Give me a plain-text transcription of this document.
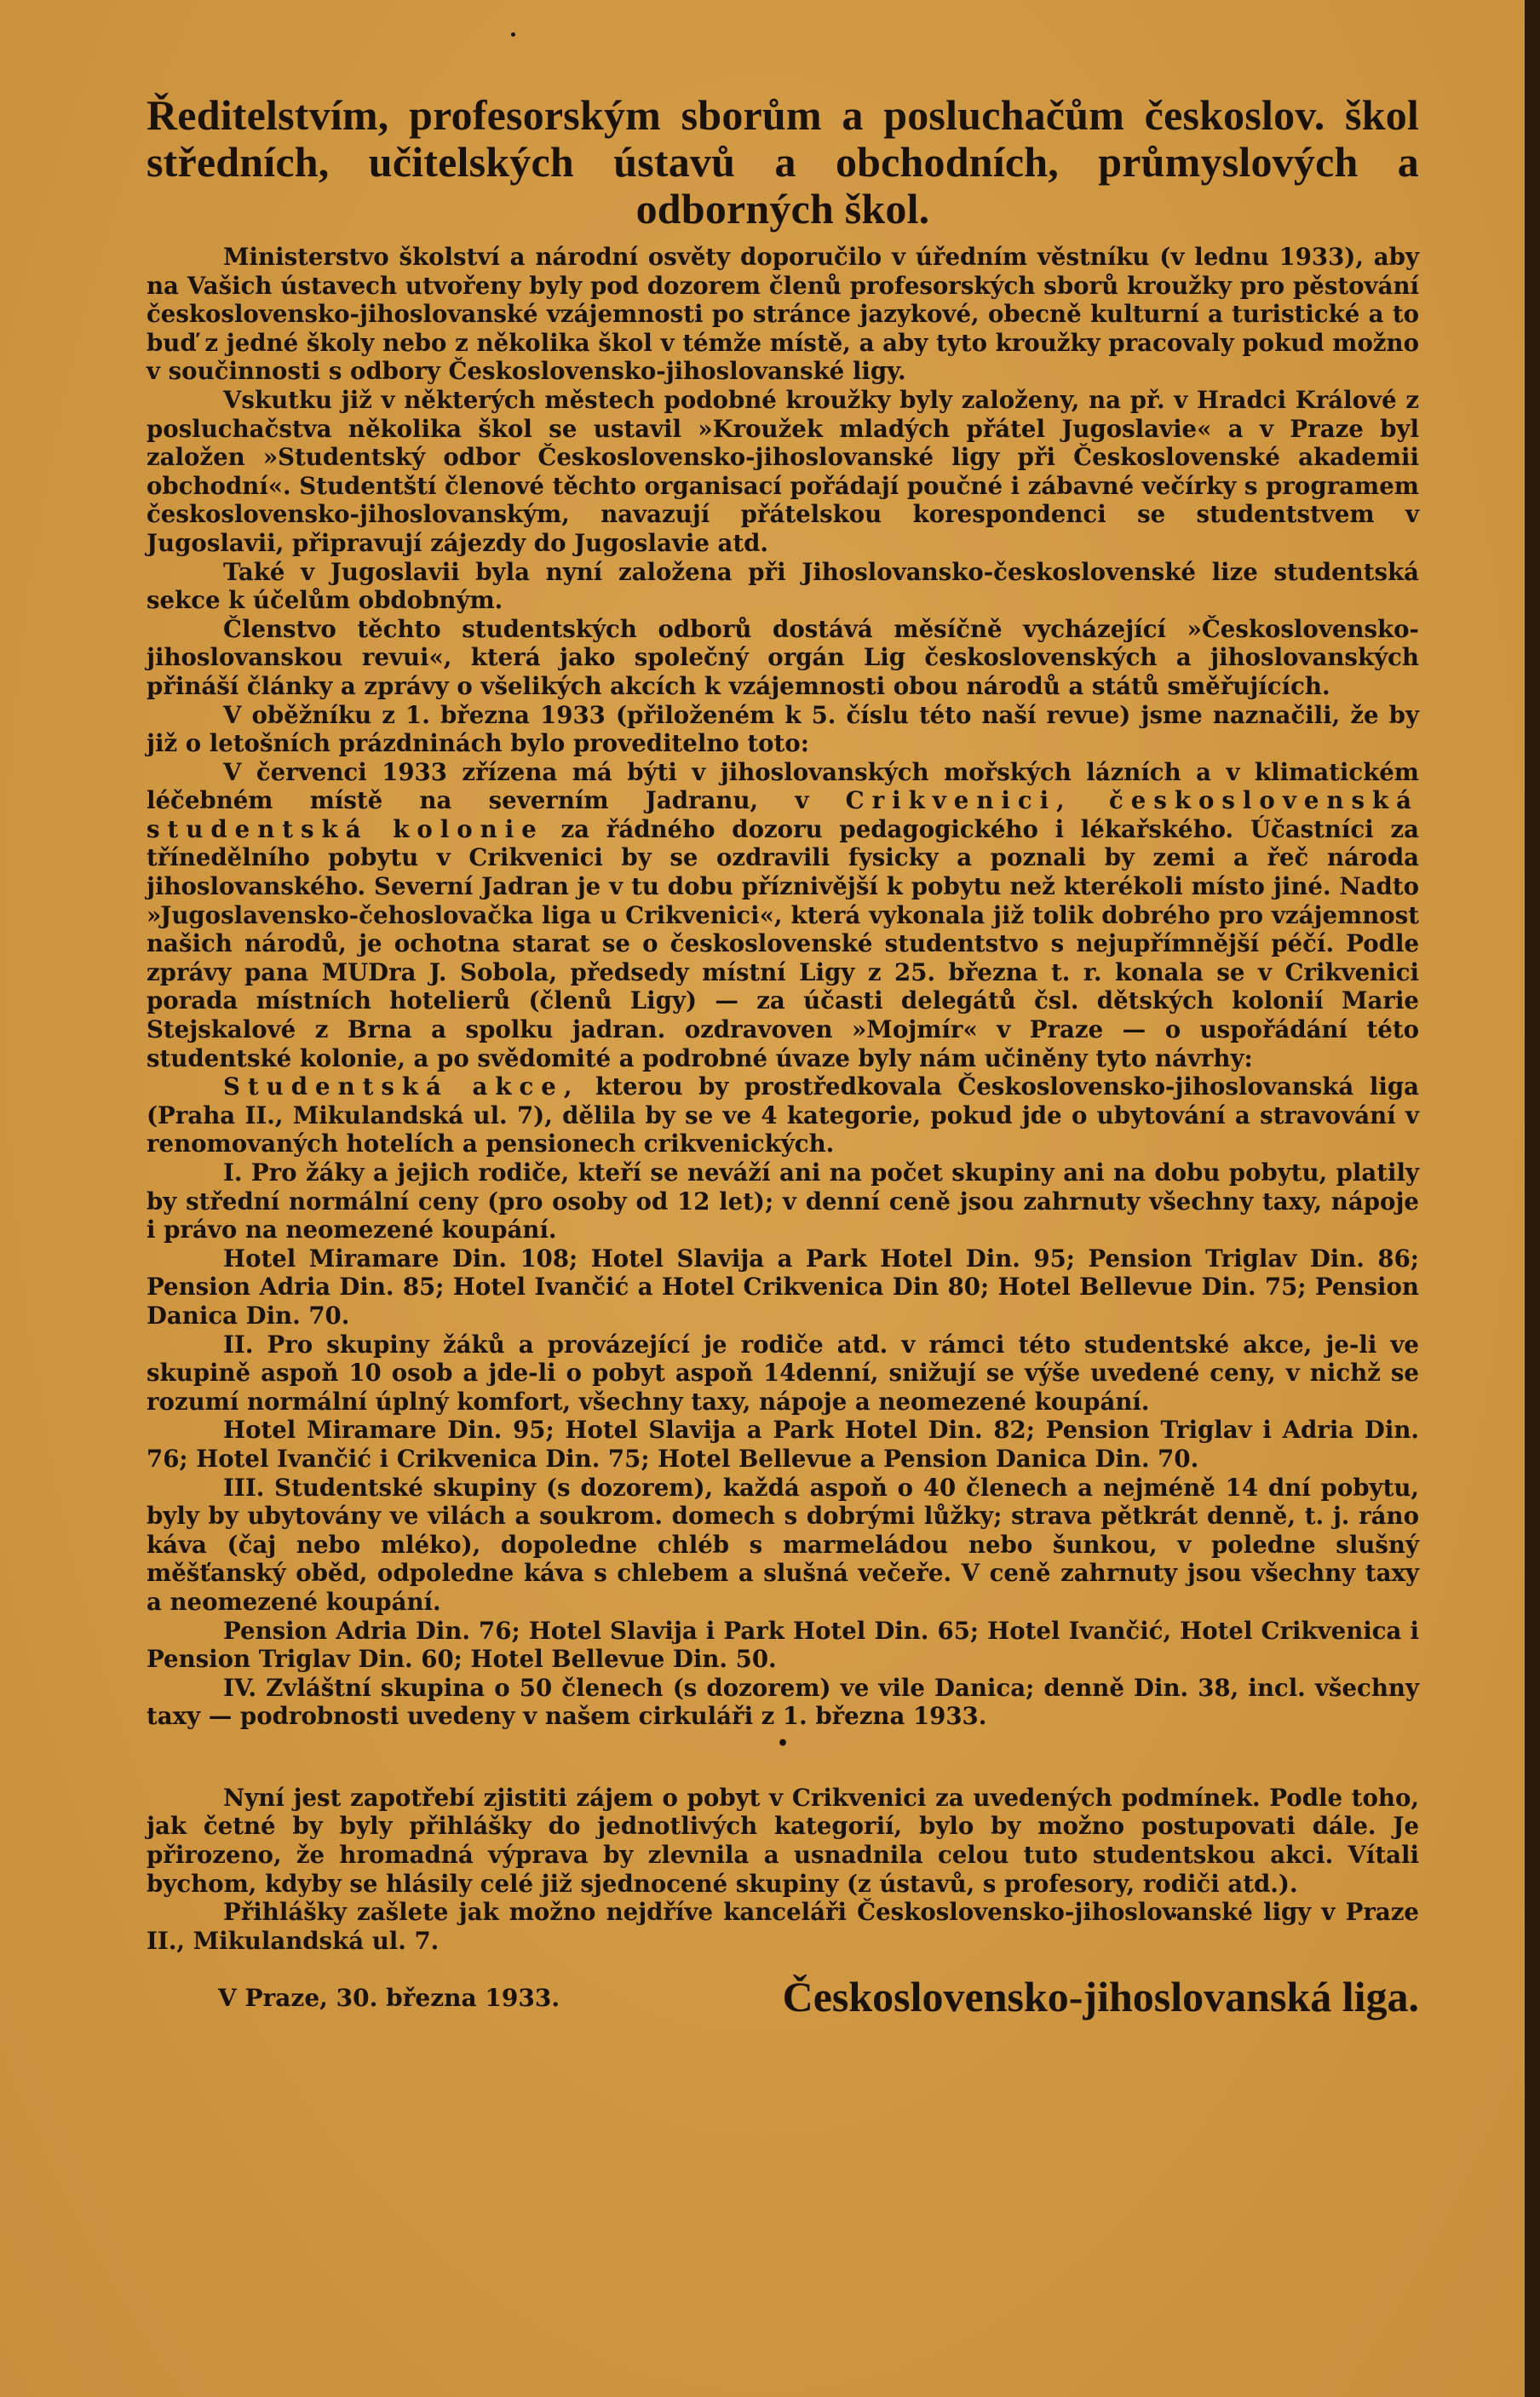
Ředitelstvím, profesorským sborům a posluchačům českoslov. škol středních, učitelských ústavů a obchodních, průmyslových a odborných škol.

Ministerstvo školství a národní osvěty doporučilo v úředním věstníku (v lednu 1933), aby na Vašich ústavech utvořeny byly pod dozorem členů profesorských sborů kroužky pro pěstování československo-jihoslovanské vzájemnosti po stránce jazykové, obecně kulturní a turistické a to buď z jedné školy nebo z několika škol v témže místě, a aby tyto kroužky pracovaly pokud možno v součinnosti s odbory Československo-jihoslovanské ligy.

Vskutku již v některých městech podobné kroužky byly založeny, na př. v Hradci Králové z posluchačstva několika škol se ustavil »Kroužek mladých přátel Jugoslavie« a v Praze byl založen »Studentský odbor Československo-jihoslovanské ligy při Československé akademii obchodní«. Studentští členové těchto organisací pořádají poučné i zábavné večírky s programem československo-jihoslovanským, navazují přátelskou korespondenci se studentstvem v Jugoslavii, připravují zájezdy do Jugoslavie atd.

Také v Jugoslavii byla nyní založena při Jihoslovansko-československé lize studentská sekce k účelům obdobným.

Členstvo těchto studentských odborů dostává měsíčně vycházející »Československo-jihoslovanskou revui«, která jako společný orgán Lig československých a jihoslovanských přináší články a zprávy o všelikých akcích k vzájemnosti obou národů a států směřujících.

V oběžníku z 1. března 1933 (přiloženém k 5. číslu této naší revue) jsme naznačili, že by již o letošních prázdninách bylo proveditelno toto:

V červenci 1933 zřízena má býti v jihoslovanských mořských lázních a v klimatickém léčebném místě na severním Jadranu, v Crikvenici, československá studentská kolonie za řádného dozoru pedagogického i lékařského. Účastníci za třínedělního pobytu v Crikvenici by se ozdravili fysicky a poznali by zemi a řeč národa jihoslovanského. Severní Jadran je v tu dobu příznivější k pobytu než kterékoli místo jiné. Nadto »Jugoslavensko-čehoslovačka liga u Crikvenici«, která vykonala již tolik dobrého pro vzájemnost našich národů, je ochotna starat se o československé studentstvo s nejupřímnější péčí. Podle zprávy pana MUDra J. Sobola, předsedy místní Ligy z 25. března t. r. konala se v Crikvenici porada místních hotelierů (členů Ligy) — za účasti delegátů čsl. dětských kolonií Marie Stejskalové z Brna a spolku jadran. ozdravoven »Mojmír« v Praze — o uspořádání této studentské kolonie, a po svědomité a podrobné úvaze byly nám učiněny tyto návrhy:

Studentská akce, kterou by prostředkovala Československo-jihoslovanská liga (Praha II., Mikulandská ul. 7), dělila by se ve 4 kategorie, pokud jde o ubytování a stravování v renomovaných hotelích a pensionech crikvenických.

I. Pro žáky a jejich rodiče, kteří se neváží ani na počet skupiny ani na dobu pobytu, platily by střední normální ceny (pro osoby od 12 let); v denní ceně jsou zahrnuty všechny taxy, nápoje i právo na neomezené koupání.

Hotel Miramare Din. 108; Hotel Slavija a Park Hotel Din. 95; Pension Triglav Din. 86; Pension Adria Din. 85; Hotel Ivančić a Hotel Crikvenica Din 80; Hotel Bellevue Din. 75; Pension Danica Din. 70.

II. Pro skupiny žáků a provázející je rodiče atd. v rámci této studentské akce, je-li ve skupině aspoň 10 osob a jde-li o pobyt aspoň 14denní, snižují se výše uvedené ceny, v nichž se rozumí normální úplný komfort, všechny taxy, nápoje a neomezené koupání.

Hotel Miramare Din. 95; Hotel Slavija a Park Hotel Din. 82; Pension Triglav i Adria Din. 76; Hotel Ivančić i Crikvenica Din. 75; Hotel Bellevue a Pension Danica Din. 70.

III. Studentské skupiny (s dozorem), každá aspoň o 40 členech a nejméně 14 dní pobytu, byly by ubytovány ve vilách a soukrom. domech s dobrými lůžky; strava pětkrát denně, t. j. ráno káva (čaj nebo mléko), dopoledne chléb s marmeládou nebo šunkou, v poledne slušný měšťanský oběd, odpoledne káva s chlebem a slušná večeře. V ceně zahrnuty jsou všechny taxy a neomezené koupání.

Pension Adria Din. 76; Hotel Slavija i Park Hotel Din. 65; Hotel Ivančić, Hotel Crikvenica i Pension Triglav Din. 60; Hotel Bellevue Din. 50.

IV. Zvláštní skupina o 50 členech (s dozorem) ve vile Danica; denně Din. 38, incl. všechny taxy — podrobnosti uvedeny v našem cirkuláři z 1. března 1933.

•

Nyní jest zapotřebí zjistiti zájem o pobyt v Crikvenici za uvedených podmínek. Podle toho, jak četné by byly přihlášky do jednotlivých kategorií, bylo by možno postupovati dále. Je přirozeno, že hromadná výprava by zlevnila a usnadnila celou tuto studentskou akci. Vítali bychom, kdyby se hlásily celé již sjednocené skupiny (z ústavů, s profesory, rodiči atd.).

Přihlášky zašlete jak možno nejdříve kanceláři Československo-jihoslovanské ligy v Praze II., Mikulandská ul. 7.

V Praze, 30. března 1933.	Československo-jihoslovanská liga.
